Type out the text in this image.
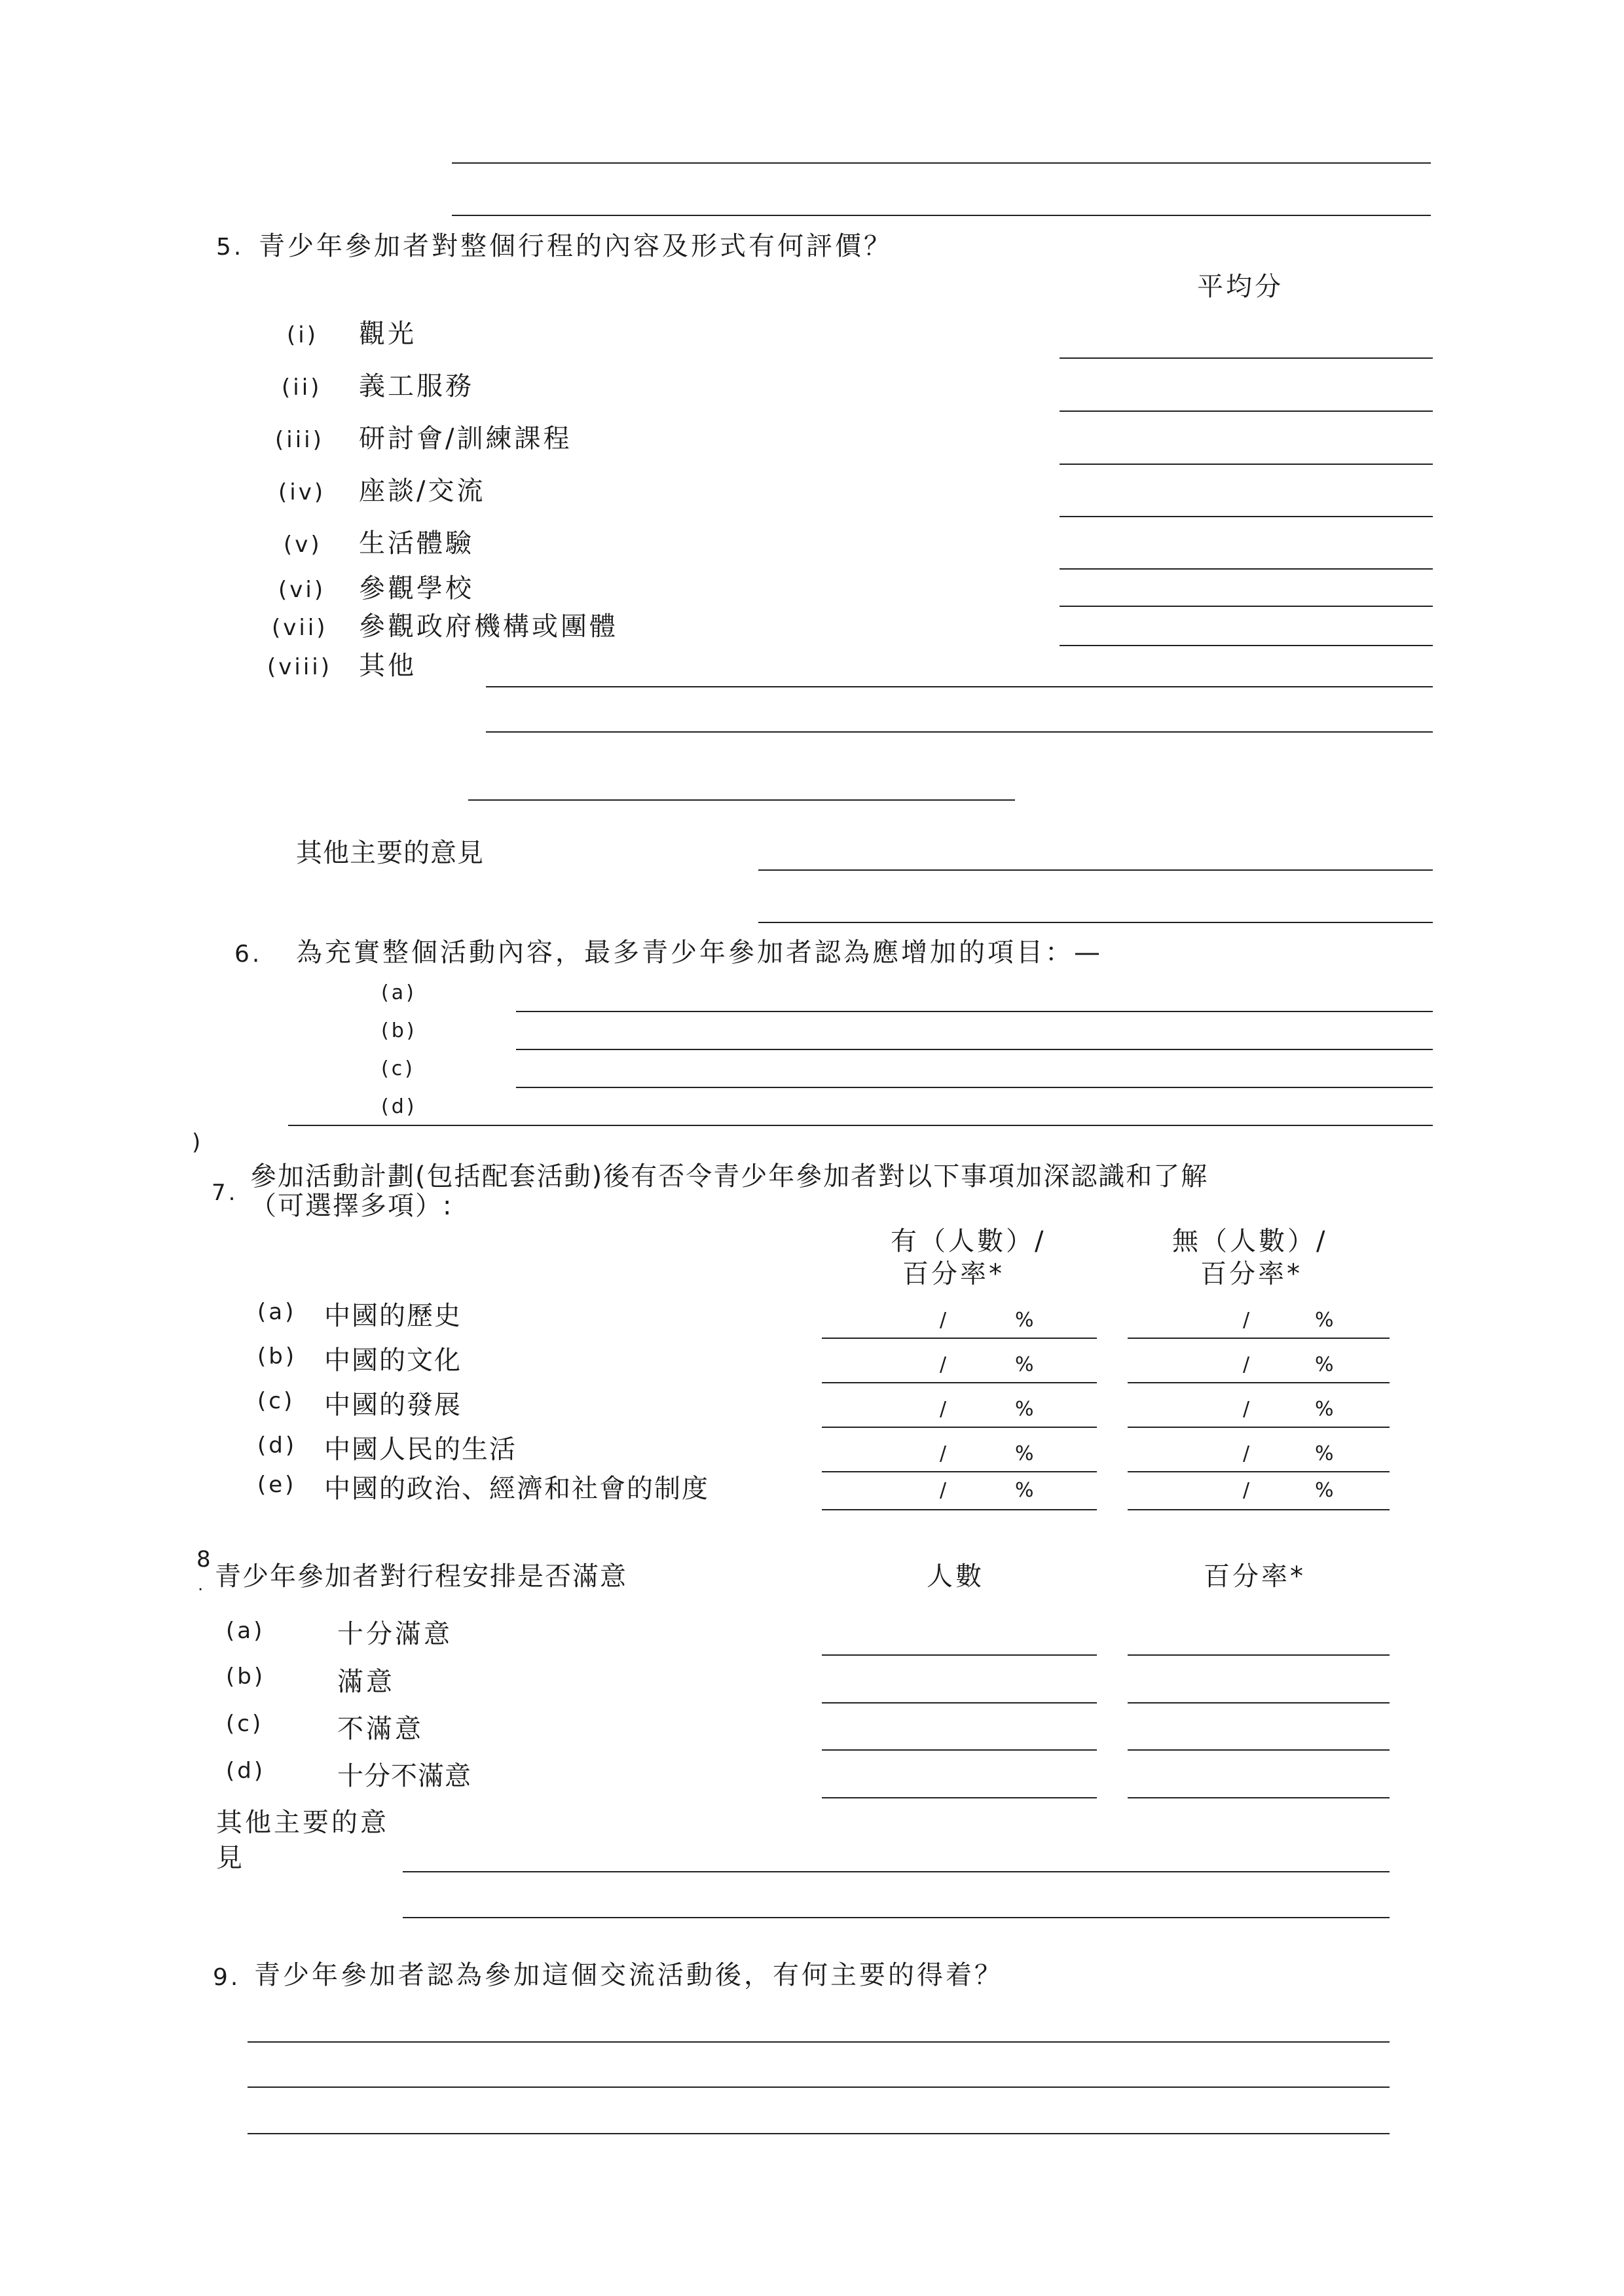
5. 青少年參加者對整個行程的內容及形式有何評價？
平均分
(i) 觀光
(ii) 義工服務
(iii) 研討會/訓練課程
(iv) 座談/交流
(v) 生活體驗
(vi) 參觀學校
(vii) 參觀政府機構或團體
(viii) 其他
其他主要的意見
6. 為充實整個活動內容，最多青少年參加者認為應增加的項目：—
(a)
(b)
(c)
(d)
)
7.
參加活動計劃(包括配套活動)後有否令青少年參加者對以下事項加深認識和了解
（可選擇多項）:
有（人數）/
百分率*
無（人數）/
百分率*
(a) 中國的歷史	/	%	/	%
(b) 中國的文化	/	%	/	%
(c) 中國的發展	/	%	/	%
(d) 中國人民的生活	/	%	/	%
(e) 中國的政治、經濟和社會的制度	/	%	/	%
8
. 青少年參加者對行程安排是否滿意	人數	百分率*
(a)	十分滿意
(b)	滿意
(c)	不滿意
(d)	十分不滿意
其他主要的意
見
9. 青少年參加者認為參加這個交流活動後，有何主要的得着？
